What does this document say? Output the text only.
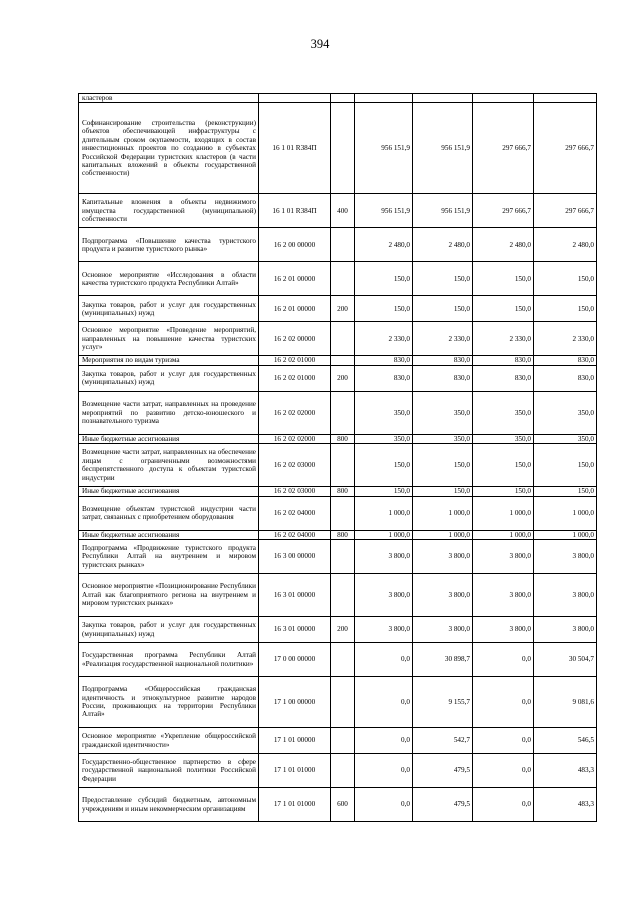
394
кластеров						
Софинансирование строительства (реконструкции) объектов обеспечивающей инфраструктуры с длительным сроком окупаемости, входящих в состав инвестиционных проектов по созданию в субъектах Российской Федерации туристских кластеров (в части капитальных вложений в объекты государственной собственности)	16 1 01 R384П		956 151,9	956 151,9	297 666,7	297 666,7
Капитальные вложения в объекты недвижимого имущества государственной (муниципальной) собственности	16 1 01 R384П	400	956 151,9	956 151,9	297 666,7	297 666,7
Подпрограмма «Повышение качества туристского продукта и развитие туристского рынка»	16 2 00 00000		2 480,0	2 480,0	2 480,0	2 480,0
Основное мероприятие «Исследования в области качества туристского продукта Республики Алтай»	16 2 01 00000		150,0	150,0	150,0	150,0
Закупка товаров, работ и услуг для государственных (муниципальных) нужд	16 2 01 00000	200	150,0	150,0	150,0	150,0
Основное мероприятие «Проведение мероприятий, направленных на повышение качества туристских услуг»	16 2 02 00000		2 330,0	2 330,0	2 330,0	2 330,0
Мероприятия по видам туризма	16 2 02 01000		830,0	830,0	830,0	830,0
Закупка товаров, работ и услуг для государственных (муниципальных) нужд	16 2 02 01000	200	830,0	830,0	830,0	830,0
Возмещение части затрат, направленных на проведение мероприятий по развитию детско-юношеского и познавательного туризма	16 2 02 02000		350,0	350,0	350,0	350,0
Иные бюджетные ассигнования	16 2 02 02000	800	350,0	350,0	350,0	350,0
Возмещение части затрат, направленных на обеспечение лицам с ограниченными возможностями беспрепятственного доступа к объектам туристской индустрии	16 2 02 03000		150,0	150,0	150,0	150,0
Иные бюджетные ассигнования	16 2 02 03000	800	150,0	150,0	150,0	150,0
Возмещение объектам туристской индустрии части затрат, связанных с приобретением оборудования	16 2 02 04000		1 000,0	1 000,0	1 000,0	1 000,0
Иные бюджетные ассигнования	16 2 02 04000	800	1 000,0	1 000,0	1 000,0	1 000,0
Подпрограмма «Продвижение туристского продукта Республики Алтай на внутреннем и мировом туристских рынках»	16 3 00 00000		3 800,0	3 800,0	3 800,0	3 800,0
Основное мероприятие «Позиционирование Республики Алтай как благоприятного региона на внутреннем и мировом туристских рынках»	16 3 01 00000		3 800,0	3 800,0	3 800,0	3 800,0
Закупка товаров, работ и услуг для государственных (муниципальных) нужд	16 3 01 00000	200	3 800,0	3 800,0	3 800,0	3 800,0
Государственная программа Республики Алтай «Реализация государственной национальной политики»	17 0 00 00000		0,0	30 898,7	0,0	30 504,7
Подпрограмма «Общероссийская гражданская идентичность и этнокультурное развитие народов России, проживающих на территории Республики Алтай»	17 1 00 00000		0,0	9 155,7	0,0	9 081,6
Основное мероприятие «Укрепление общероссийской гражданской идентичности»	17 1 01 00000		0,0	542,7	0,0	546,5
Государственно-общественное партнерство в сфере государственной национальной политики Российской Федерации	17 1 01 01000		0,0	479,5	0,0	483,3
Предоставление субсидий бюджетным, автономным учреждениям и иным некоммерческим организациям	17 1 01 01000	600	0,0	479,5	0,0	483,3
